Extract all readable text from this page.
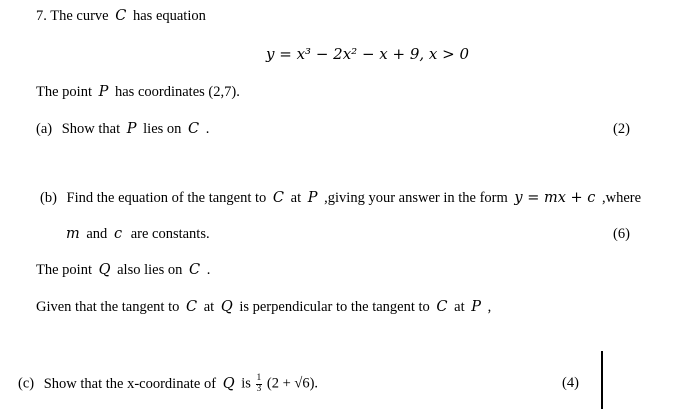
7. The curve C has equation
y = x³ − 2x² − x + 9, x > 0
The point P has coordinates (2,7).
(a) Show that P lies on C .	(2)
(b) Find the equation of the tangent to C at P ,giving your answer in the form y = mx + c ,where
m and c are constants.	(6)
The point Q also lies on C .
Given that the tangent to C at Q is perpendicular to the tangent to C at P ,
(c) Show that the x-coordinate of Q is $\frac{1}{3} (2 + √6)$.	(4)
